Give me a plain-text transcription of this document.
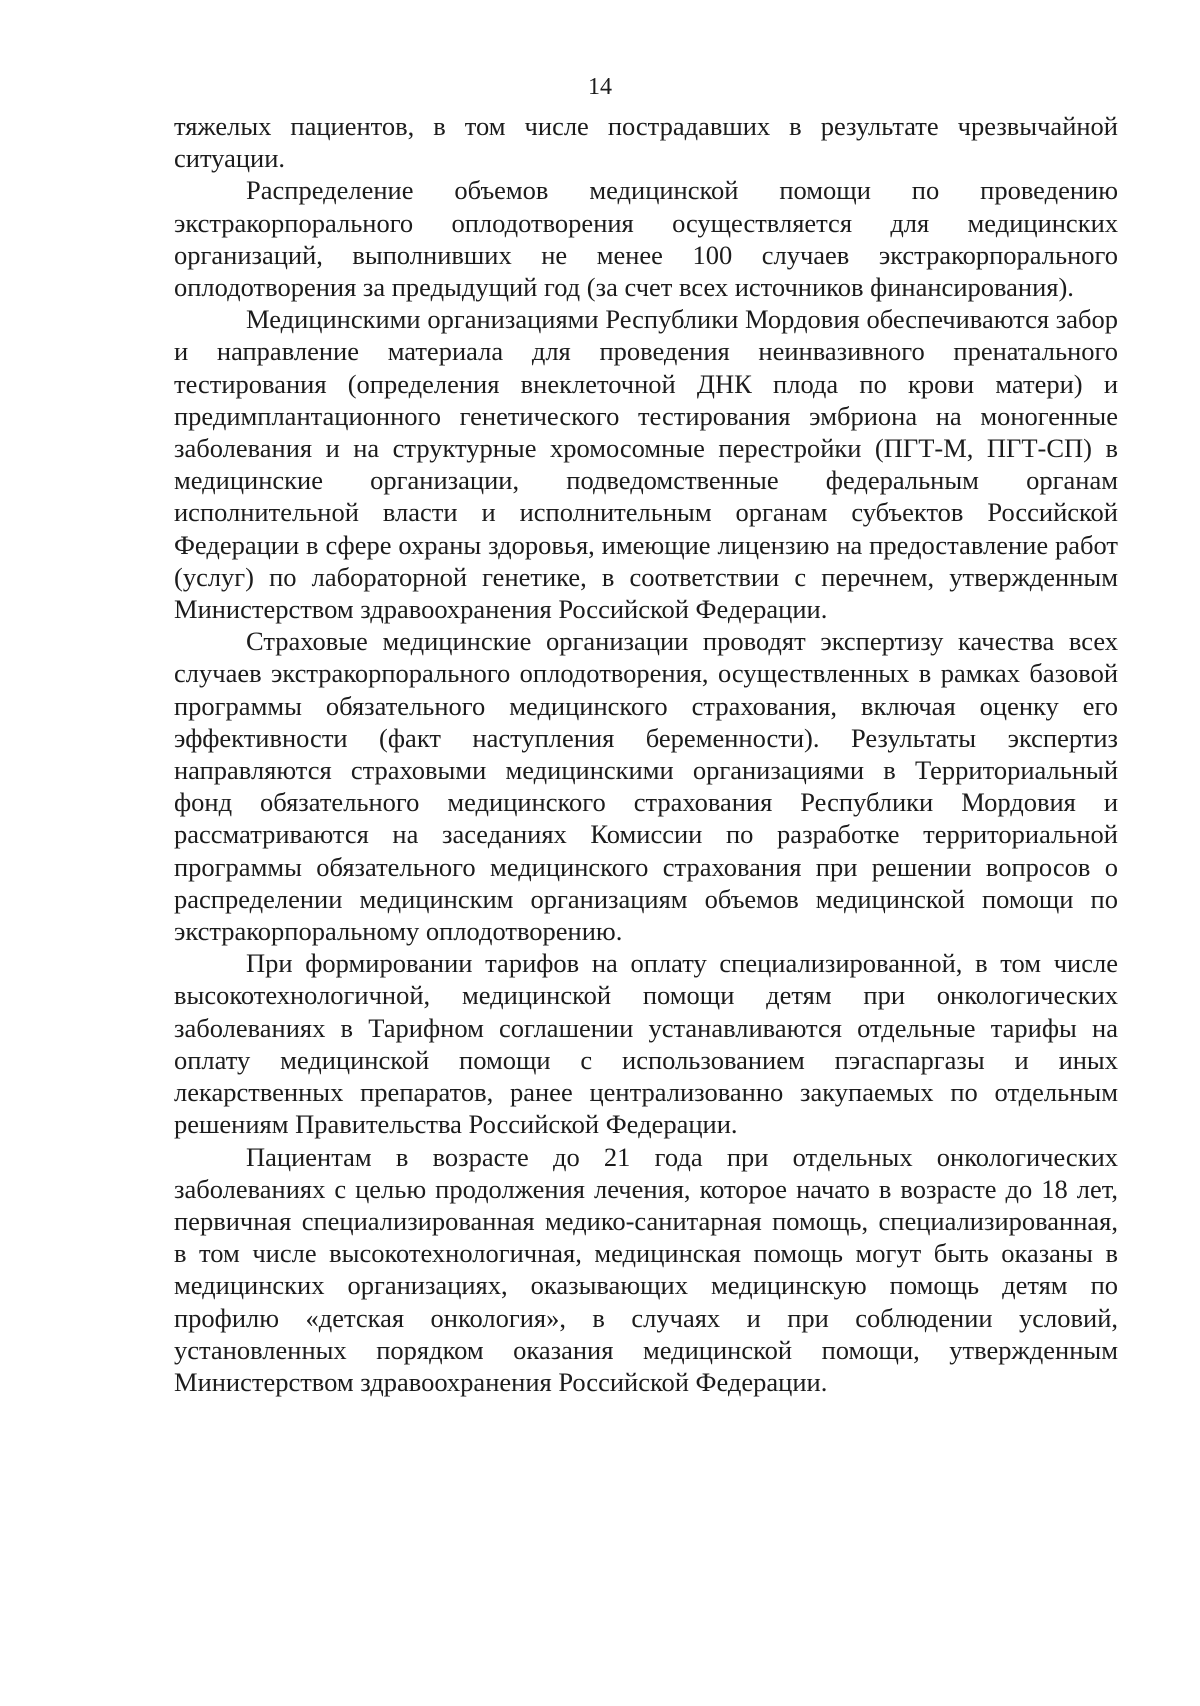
14

тяжелых пациентов, в том числе пострадавших в результате чрезвычайной ситуации.

Распределение объемов медицинской помощи по проведению экстракорпорального оплодотворения осуществляется для медицинских организаций, выполнивших не менее 100 случаев экстракорпорального оплодотворения за предыдущий год (за счет всех источников финансирования).

Медицинскими организациями Республики Мордовия обеспечиваются забор и направление материала для проведения неинвазивного пренатального тестирования (определения внеклеточной ДНК плода по крови матери) и предимплантационного генетического тестирования эмбриона на моногенные заболевания и на структурные хромосомные перестройки (ПГТ-М, ПГТ-СП) в медицинские организации, подведомственные федеральным органам исполнительной власти и исполнительным органам субъектов Российской Федерации в сфере охраны здоровья, имеющие лицензию на предоставление работ (услуг) по лабораторной генетике, в соответствии с перечнем, утвержденным Министерством здравоохранения Российской Федерации.

Страховые медицинские организации проводят экспертизу качества всех случаев экстракорпорального оплодотворения, осуществленных в рамках базовой программы обязательного медицинского страхования, включая оценку его эффективности (факт наступления беременности). Результаты экспертиз направляются страховыми медицинскими организациями в Территориальный фонд обязательного медицинского страхования Республики Мордовия и рассматриваются на заседаниях Комиссии по разработке территориальной программы обязательного медицинского страхования при решении вопросов о распределении медицинским организациям объемов медицинской помощи по экстракорпоральному оплодотворению.

При формировании тарифов на оплату специализированной, в том числе высокотехнологичной, медицинской помощи детям при онкологических заболеваниях в Тарифном соглашении устанавливаются отдельные тарифы на оплату медицинской помощи с использованием пэгаспаргазы и иных лекарственных препаратов, ранее централизованно закупаемых по отдельным решениям Правительства Российской Федерации.

Пациентам в возрасте до 21 года при отдельных онкологических заболеваниях с целью продолжения лечения, которое начато в возрасте до 18 лет, первичная специализированная медико-санитарная помощь, специализированная, в том числе высокотехнологичная, медицинская помощь могут быть оказаны в медицинских организациях, оказывающих медицинскую помощь детям по профилю «детская онкология», в случаях и при соблюдении условий, установленных порядком оказания медицинской помощи, утвержденным Министерством здравоохранения Российской Федерации.
